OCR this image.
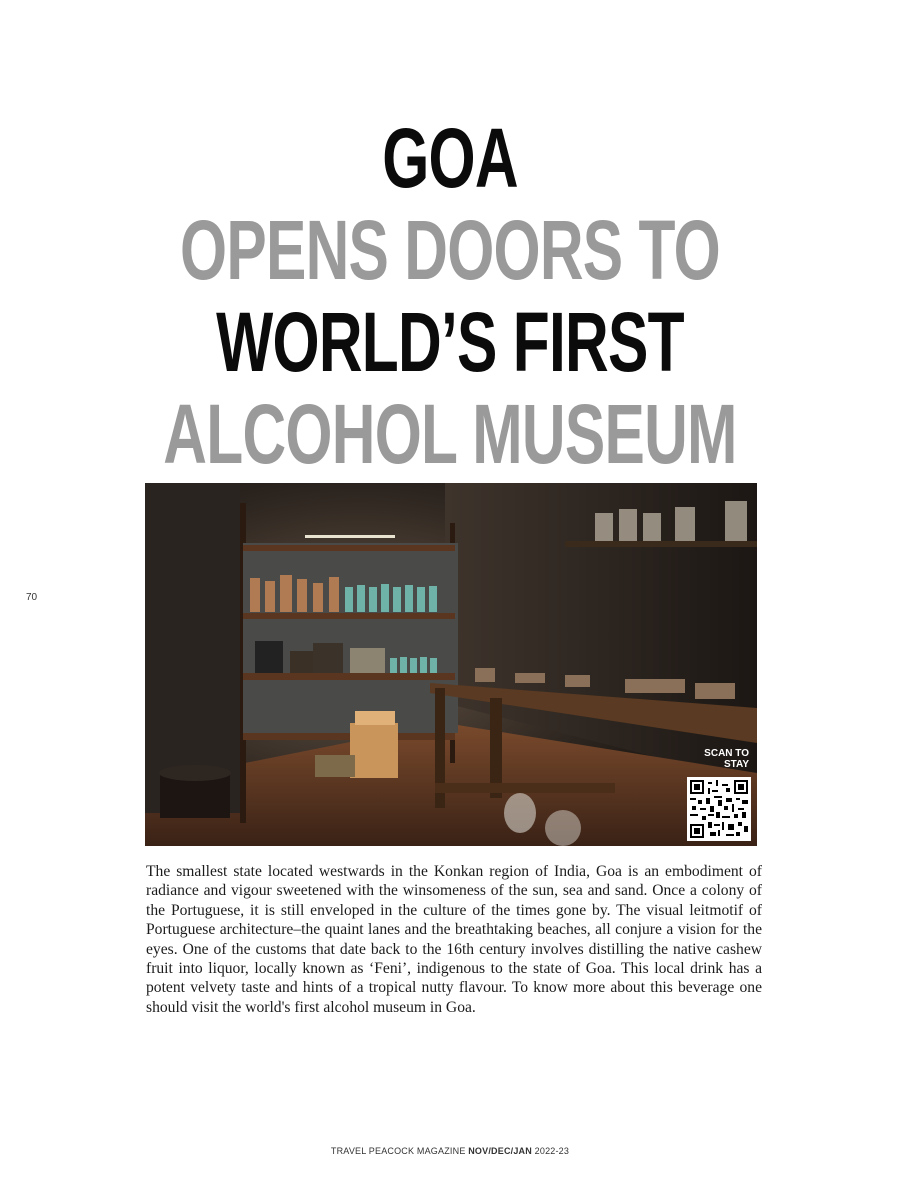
GOA
OPENS DOORS TO
WORLD’S FIRST
ALCOHOL MUSEUM
70
SCAN TO
STAY

The smallest state located westwards in the Konkan region of India, Goa is an embodiment of radiance and vigour sweetened with the winsomeness of the sun, sea and sand. Once a colony of the Portuguese, it is still enveloped in the culture of the times gone by. The visual leitmotif of Portuguese architecture–the quaint lanes and the breathtaking beaches, all conjure a vision for the eyes. One of the customs that date back to the 16th century involves distilling the native cashew fruit into liquor, locally known as ‘Feni’, indigenous to the state of Goa. This local drink has a potent velvety taste and hints of a tropical nutty flavour. To know more about this beverage one should visit the world's first alcohol museum in Goa.

TRAVEL PEACOCK MAGAZINE NOV/DEC/JAN 2022-23
